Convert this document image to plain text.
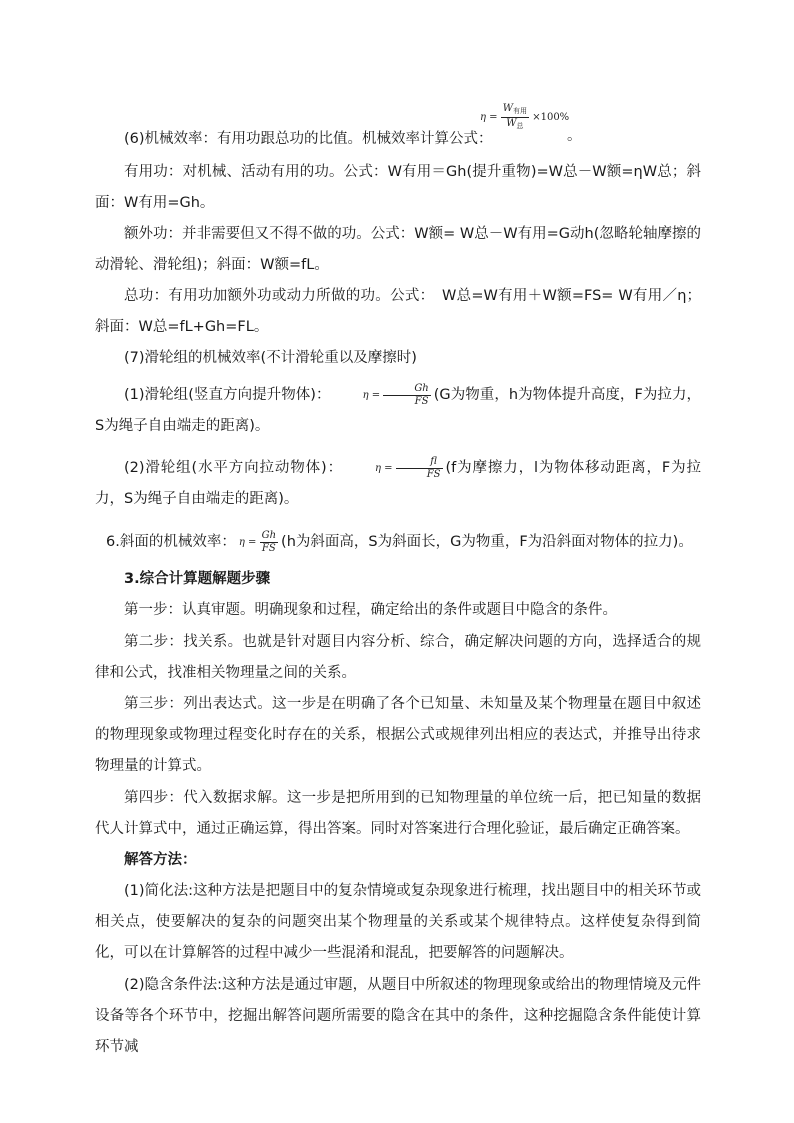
(6)机械效率：有用功跟总功的比值。机械效率计算公式：

$\eta = \frac{W_{有用}}{W_总} \times 100\%$
。

有用功：对机械、活动有用的功。公式：W有用＝Gh(提升重物)=W总－W额=ηW总；斜面：W有用=Gh。

额外功：并非需要但又不得不做的功。公式：W额= W总－W有用=G动h(忽略轮轴摩擦的动滑轮、滑轮组)；斜面：W额=fL。

总功：有用功加额外功或动力所做的功。公式：　W总=W有用＋W额=FS= W有用／η；斜面：W总=fL+Gh=FL。

(7)滑轮组的机械效率(不计滑轮重以及摩擦时)

(1)滑轮组(竖直方向提升物体)：	$\eta = \frac{Gh}{FS} (G$为物重，h为物体提升高度，F为拉力，S为绳子自由端走的距离)。

(2)滑轮组(水平方向拉动物体)：	$\eta = \frac{fl}{FS} (f$为摩擦力，l为物体移动距离，F为拉力，S为绳子自由端走的距离)。

6.斜面的机械效率： $\eta = \frac{Gh}{FS} (h$为斜面高，S为斜面长，G为物重，F为沿斜面对物体的拉力)。

3.综合计算题解题步骤

第一步：认真审题。明确现象和过程，确定给出的条件或题目中隐含的条件。

第二步：找关系。也就是针对题目内容分析、综合，确定解决问题的方向，选择适合的规律和公式，找准相关物理量之间的关系。

第三步：列出表达式。这一步是在明确了各个已知量、未知量及某个物理量在题目中叙述的物理现象或物理过程变化时存在的关系，根据公式或规律列出相应的表达式，并推导出待求物理量的计算式。

第四步：代入数据求解。这一步是把所用到的已知物理量的单位统一后，把已知量的数据代人计算式中，通过正确运算，得出答案。同时对答案进行合理化验证，最后确定正确答案。

解答方法：

(1)简化法:这种方法是把题目中的复杂情境或复杂现象进行梳理，找出题目中的相关环节或相关点，使要解决的复杂的问题突出某个物理量的关系或某个规律特点。这样使复杂得到简化，可以在计算解答的过程中减少一些混淆和混乱，把要解答的问题解决。

(2)隐含条件法:这种方法是通过审题，从题目中所叙述的物理现象或给出的物理情境及元件设备等各个环节中，挖掘出解答问题所需要的隐含在其中的条件，这种挖掘隐含条件能使计算环节减
